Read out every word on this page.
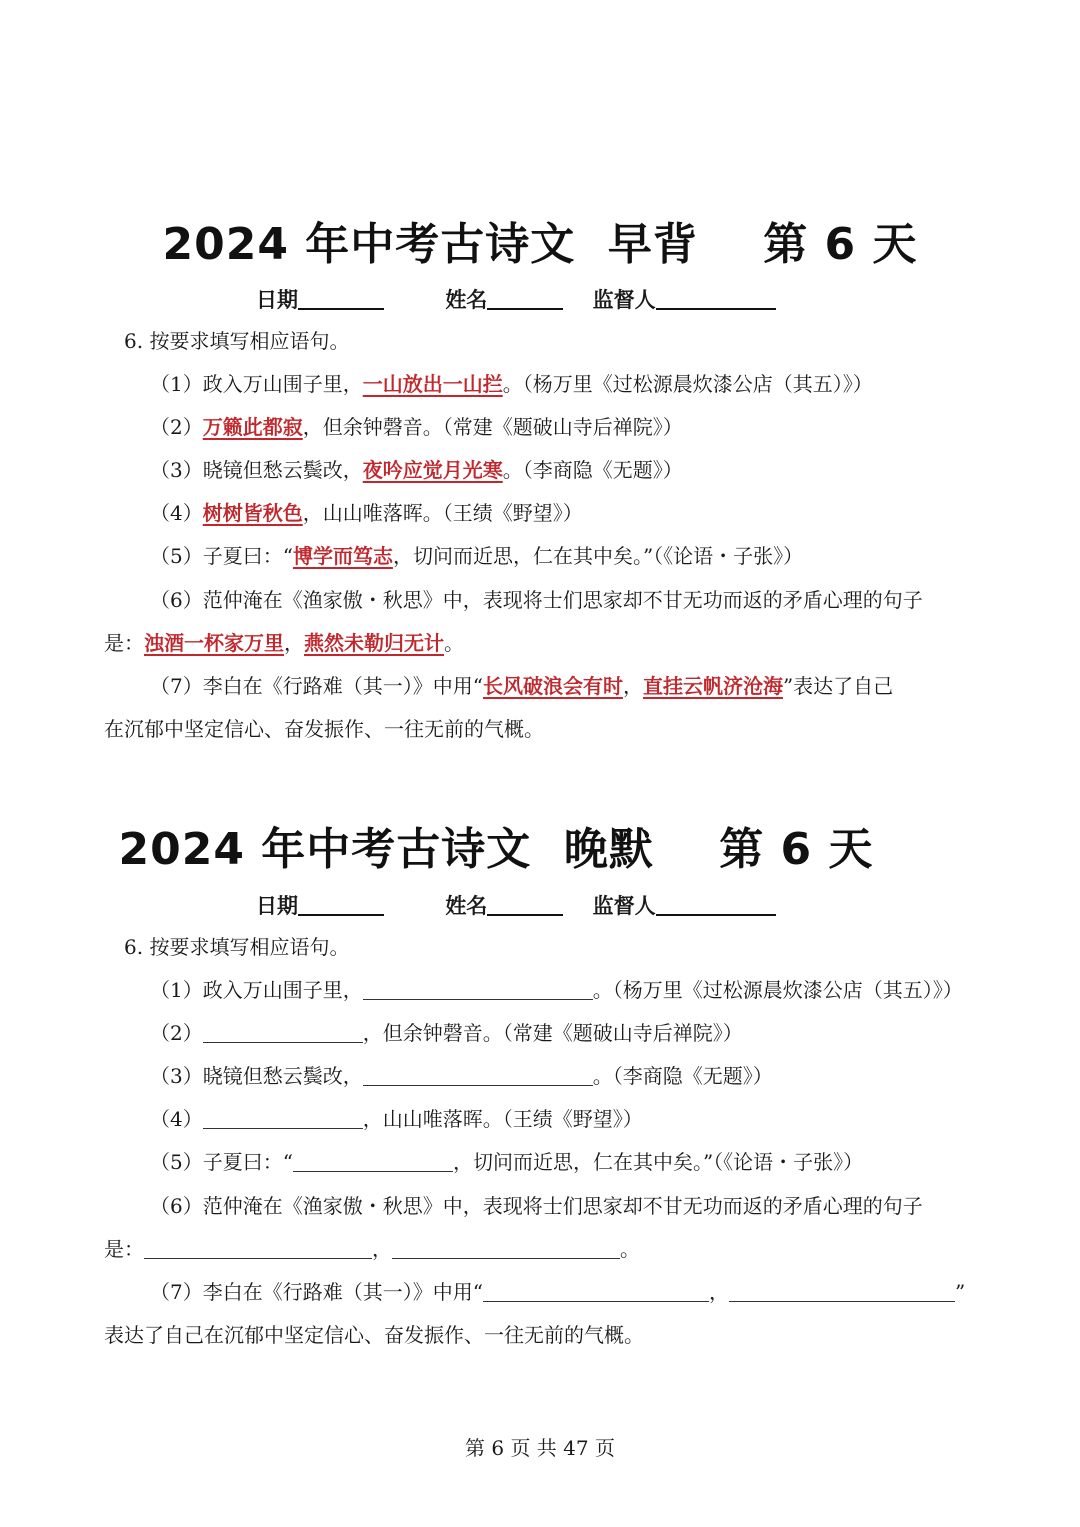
2024 年中考古诗文  早背    第 6 天
日期	姓名	监督人
6. 按要求填写相应语句。
（1）政入万山围子里，一山放出一山拦。（杨万里《过松源晨炊漆公店（其五）》）
（2）万籁此都寂，但余钟磬音。（常建《题破山寺后禅院》）
（3）晓镜但愁云鬓改，夜吟应觉月光寒。（李商隐《无题》）
（4）树树皆秋色，山山唯落晖。（王绩《野望》）
（5）子夏曰：“博学而笃志，切问而近思，仁在其中矣。”（《论语・子张》）
（6）范仲淹在《渔家傲・秋思》中，表现将士们思家却不甘无功而返的矛盾心理的句子
是：浊酒一杯家万里，燕然未勒归无计。
（7）李白在《行路难（其一）》中用“长风破浪会有时，直挂云帆济沧海”表达了自己
在沉郁中坚定信心、奋发振作、一往无前的气概。
2024 年中考古诗文  晚默    第 6 天
日期	姓名	监督人
6. 按要求填写相应语句。
（1）政入万山围子里，	。（杨万里《过松源晨炊漆公店（其五）》）
（2）	，但余钟磬音。（常建《题破山寺后禅院》）
（3）晓镜但愁云鬓改，	。（李商隐《无题》）
（4）	，山山唯落晖。（王绩《野望》）
（5）子夏曰：“	，切问而近思，仁在其中矣。”（《论语・子张》）
（6）范仲淹在《渔家傲・秋思》中，表现将士们思家却不甘无功而返的矛盾心理的句子
是：	，	。
（7）李白在《行路难（其一）》中用“	，	”
表达了自己在沉郁中坚定信心、奋发振作、一往无前的气概。
第 6 页 共 47 页
